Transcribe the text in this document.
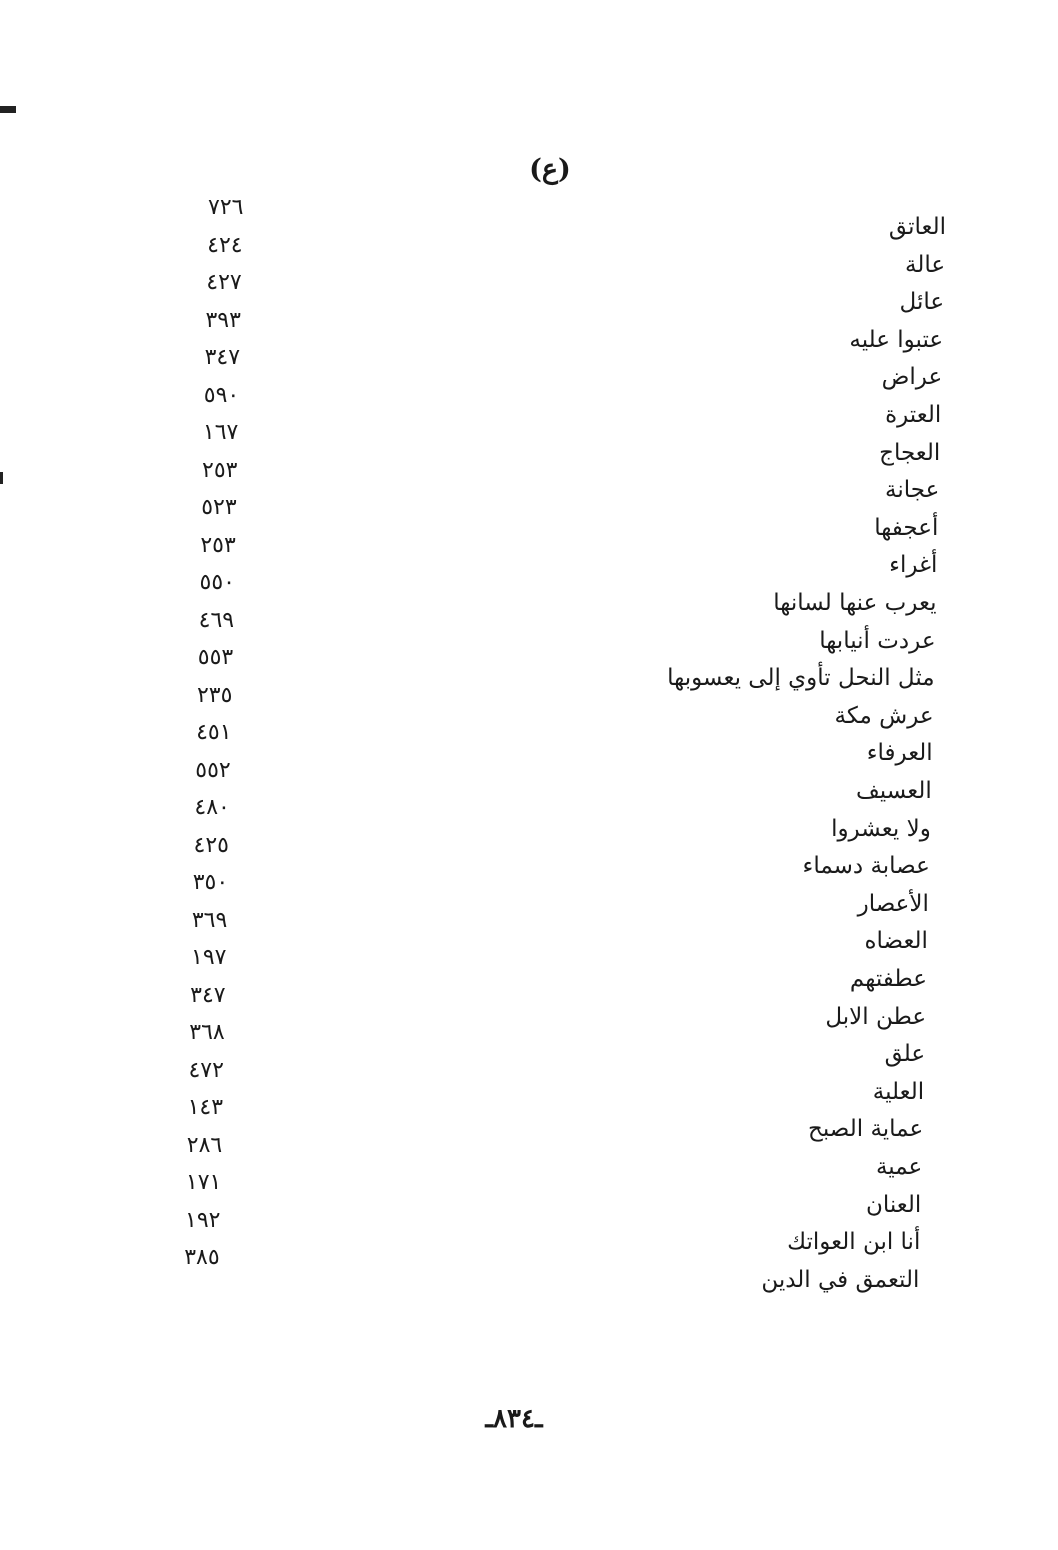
(ع)
العاتق
٧٢٦
عالة
٤٢٤
عائل
٤٢٧
عتبوا عليه
٣٩٣
عراض
٣٤٧
العترة
٥٩٠
العجاج
١٦٧
عجانة
٢٥٣
أعجفها
٥٢٣
أغراء
٢٥٣
يعرب عنها لسانها
٥٥٠
عردت أنيابها
٤٦٩
مثل النحل تأوي إلى يعسوبها
٥٥٣
عرش مكة
٢٣٥
العرفاء
٤٥١
العسيف
٥٥٢
ولا يعشروا
٤٨٠
عصابة دسماء
٤٢٥
الأعصار
٣٥٠
العضاه
٣٦٩
عطفتهم
١٩٧
عطن الابل
٣٤٧
علق
٣٦٨
العلية
٤٧٢
عماية الصبح
١٤٣
عمية
٢٨٦
العنان
١٧١
أنا ابن العواتك
١٩٢
التعمق في الدين
٣٨٥
ـ٨٣٤ـ
